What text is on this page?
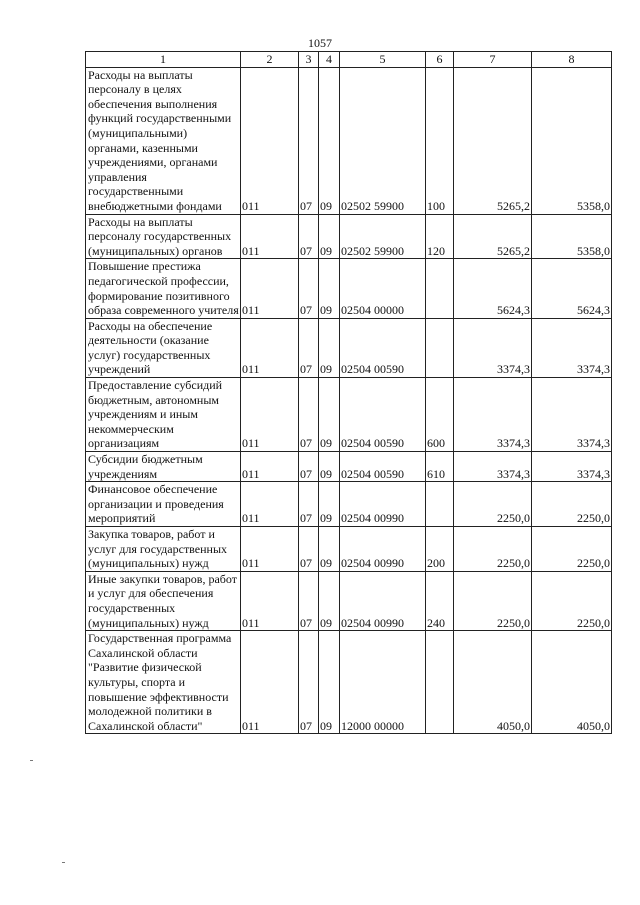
1057
1	2	3	4	5	6	7	8
Расходы на выплаты персоналу в целях обеспечения выполнения функций государственными (муниципальными) органами, казенными учреждениями, органами управления государственными внебюджетными фондами	011	07	09	02502 59900	100	5265,2	5358,0
Расходы на выплаты персоналу государственных (муниципальных) органов	011	07	09	02502 59900	120	5265,2	5358,0
Повышение престижа педагогической профессии, формирование позитивного образа современного учителя	011	07	09	02504 00000		5624,3	5624,3
Расходы на обеспечение деятельности (оказание услуг) государственных учреждений	011	07	09	02504 00590		3374,3	3374,3
Предоставление субсидий бюджетным, автономным учреждениям и иным некоммерческим организациям	011	07	09	02504 00590	600	3374,3	3374,3
Субсидии бюджетным учреждениям	011	07	09	02504 00590	610	3374,3	3374,3
Финансовое обеспечение организации и проведения мероприятий	011	07	09	02504 00990		2250,0	2250,0
Закупка товаров, работ и услуг для государственных (муниципальных) нужд	011	07	09	02504 00990	200	2250,0	2250,0
Иные закупки товаров, работ и услуг для обеспечения государственных (муниципальных) нужд	011	07	09	02504 00990	240	2250,0	2250,0
Государственная программа Сахалинской области "Развитие физической культуры, спорта и повышение эффективности молодежной политики в Сахалинской области"	011	07	09	12000 00000		4050,0	4050,0
